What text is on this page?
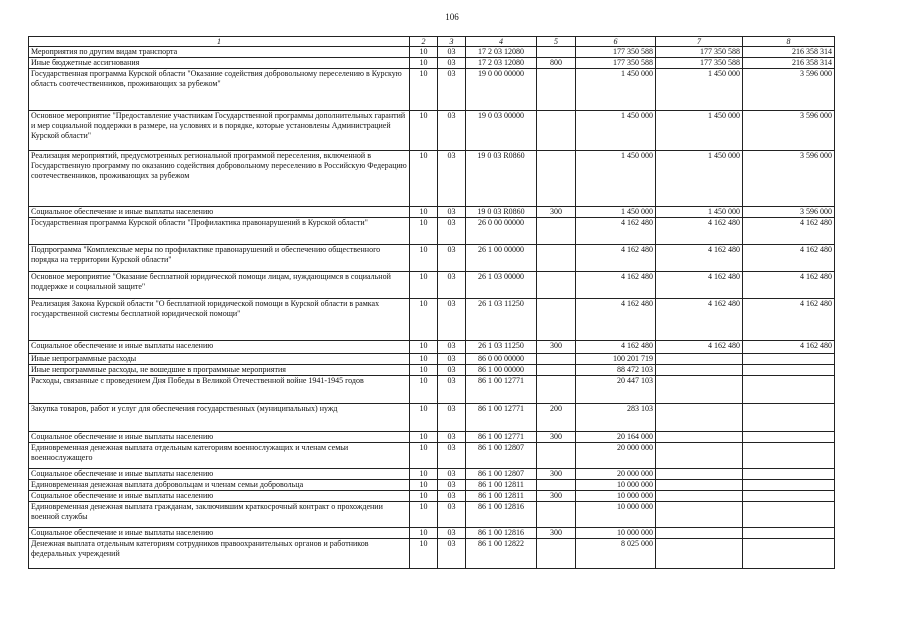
106
1	2	3	4	5	6	7	8
Мероприятия по другим видам транспорта	10	03	17 2 03 12080		177 350 588	177 350 588	216 358 314
Иные бюджетные ассигнования	10	03	17 2 03 12080	800	177 350 588	177 350 588	216 358 314
Государственная программа Курской области "Оказание содействия добровольному переселению в Курскую область соотечественников, проживающих за рубежом"	10	03	19 0 00 00000		1 450 000	1 450 000	3 596 000
Основное мероприятие "Предоставление участникам Государственной программы дополнительных гарантий и мер социальной поддержки в размере, на условиях и в порядке, которые установлены Администрацией Курской области"	10	03	19 0 03 00000		1 450 000	1 450 000	3 596 000
Реализация мероприятий, предусмотренных региональной программой переселения, включенной в Государственную программу по оказанию содействия добровольному переселению в Российскую Федерацию соотечественников, проживающих за рубежом	10	03	19 0 03 R0860		1 450 000	1 450 000	3 596 000
Социальное обеспечение и иные выплаты населению	10	03	19 0 03 R0860	300	1 450 000	1 450 000	3 596 000
Государственная программа Курской области "Профилактика правонарушений в Курской области"	10	03	26 0 00 00000		4 162 480	4 162 480	4 162 480
Подпрограмма "Комплексные меры по профилактике правонарушений и обеспечению общественного порядка на территории Курской области"	10	03	26 1 00 00000		4 162 480	4 162 480	4 162 480
Основное мероприятие "Оказание бесплатной юридической помощи лицам, нуждающимся в социальной поддержке и социальной защите"	10	03	26 1 03 00000		4 162 480	4 162 480	4 162 480
Реализация Закона Курской области "О бесплатной юридической помощи в Курской области в рамках государственной системы бесплатной юридической помощи"	10	03	26 1 03 11250		4 162 480	4 162 480	4 162 480
Социальное обеспечение и иные выплаты населению	10	03	26 1 03 11250	300	4 162 480	4 162 480	4 162 480
Иные непрограммные расходы	10	03	86 0 00 00000		100 201 719		
Иные непрограммные расходы, не вошедшие в программные мероприятия	10	03	86 1 00 00000		88 472 103		
Расходы, связанные с проведением Дня Победы в Великой Отечественной войне 1941-1945 годов	10	03	86 1 00 12771		20 447 103		
Закупка товаров, работ и услуг для обеспечения государственных (муниципальных) нужд	10	03	86 1 00 12771	200	283 103		
Социальное обеспечение и иные выплаты населению	10	03	86 1 00 12771	300	20 164 000		
Единовременная денежная выплата отдельным категориям военнослужащих и членам семьи военнослужащего	10	03	86 1 00 12807		20 000 000		
Социальное обеспечение и иные выплаты населению	10	03	86 1 00 12807	300	20 000 000		
Единовременная денежная выплата добровольцам и членам семьи добровольца	10	03	86 1 00 12811		10 000 000		
Социальное обеспечение и иные выплаты населению	10	03	86 1 00 12811	300	10 000 000		
Единовременная денежная выплата гражданам, заключившим краткосрочный контракт о прохождении военной службы	10	03	86 1 00 12816		10 000 000		
Социальное обеспечение и иные выплаты населению	10	03	86 1 00 12816	300	10 000 000		
Денежная выплата отдельным категориям сотрудников правоохранительных органов и работников федеральных учреждений	10	03	86 1 00 12822		8 025 000		
